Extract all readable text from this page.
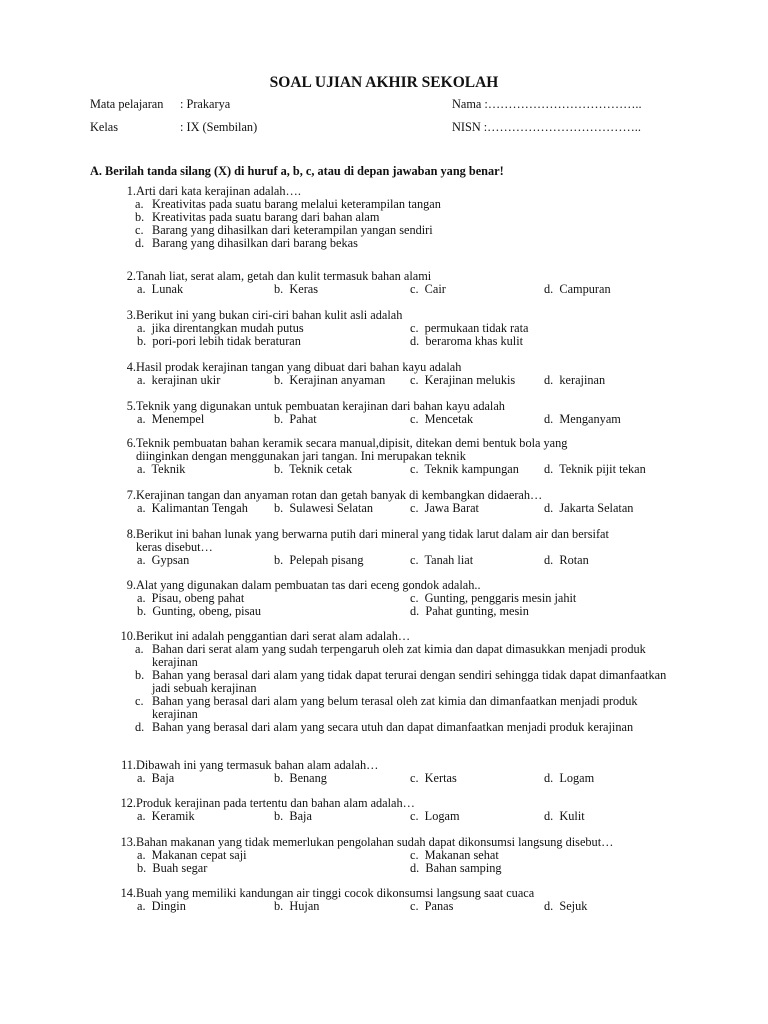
SOAL UJIAN AKHIR SEKOLAH
Mata pelajaran : Prakarya	Nama :………………………………..
Kelas	: IX (Sembilan)	NISN :………………………………..
A. Berilah tanda silang (X) di huruf a, b, c, atau di depan jawaban yang benar!
1. Arti dari kata kerajinan adalah….
a. Kreativitas pada suatu barang melalui keterampilan tangan
b. Kreativitas pada suatu barang dari bahan alam
c. Barang yang dihasilkan dari keterampilan yangan sendiri
d. Barang yang dihasilkan dari barang bekas
2. Tanah liat, serat alam, getah dan kulit termasuk bahan alami
a.  Lunak	b.  Keras	c.  Cair	d.  Campuran
3. Berikut ini yang bukan ciri-ciri bahan kulit asli adalah
a.  jika direntangkan mudah putus	c.  permukaan tidak rata
b.  pori-pori lebih tidak beraturan	d.  beraroma khas kulit
4. Hasil prodak kerajinan tangan yang dibuat dari bahan kayu adalah
a.  kerajinan ukir	b.  Kerajinan anyaman c.  Kerajinan melukis d.  kerajinan
5. Teknik yang digunakan untuk pembuatan kerajinan dari bahan kayu adalah
a.  Menempel	b.  Pahat	c.  Mencetak	d.  Menganyam
6. Teknik pembuatan bahan keramik secara manual,dipisit, ditekan demi bentuk bola yang
diinginkan dengan menggunakan jari tangan. Ini merupakan teknik
a.  Teknik	b.  Teknik cetak	c.  Teknik kampungan d.  Teknik pijit tekan
7. Kerajinan tangan dan anyaman rotan dan getah banyak di kembangkan didaerah…
a.  Kalimantan Tengah b.  Sulawesi Selatan	c.  Jawa Barat	d.  Jakarta Selatan
8. Berikut ini bahan lunak yang berwarna putih dari mineral yang tidak larut dalam air dan bersifat
keras disebut…
a.  Gypsan	b.  Pelepah pisang	c.  Tanah liat	d.  Rotan
9. Alat yang digunakan dalam pembuatan tas dari eceng gondok adalah..
a.  Pisau, obeng pahat	c.  Gunting, penggaris mesin jahit
b.  Gunting, obeng, pisau	d.  Pahat gunting, mesin
10. Berikut ini adalah penggantian dari serat alam adalah…
a. Bahan dari serat alam yang sudah terpengaruh oleh zat kimia dan dapat dimasukkan menjadi produk kerajinan
b. Bahan yang berasal dari alam yang tidak dapat terurai dengan sendiri sehingga tidak dapat dimanfaatkan jadi sebuah kerajinan
c. Bahan yang berasal dari alam yang belum terasal oleh zat kimia dan dimanfaatkan menjadi produk kerajinan
d. Bahan yang berasal dari alam yang secara utuh dan dapat dimanfaatkan menjadi produk kerajinan
11. Dibawah ini yang termasuk bahan alam adalah…
a.  Baja	b.  Benang	c.  Kertas	d.  Logam
12. Produk kerajinan pada tertentu dan bahan alam adalah…
a.  Keramik	b.  Baja	c.  Logam	d.  Kulit
13. Bahan makanan yang tidak memerlukan pengolahan sudah dapat dikonsumsi langsung disebut…
a.  Makanan cepat saji	c.  Makanan sehat
b.  Buah segar	d.  Bahan samping
14. Buah yang memiliki kandungan air tinggi cocok dikonsumsi langsung saat cuaca
a.  Dingin	b.  Hujan	c.  Panas	d.  Sejuk
